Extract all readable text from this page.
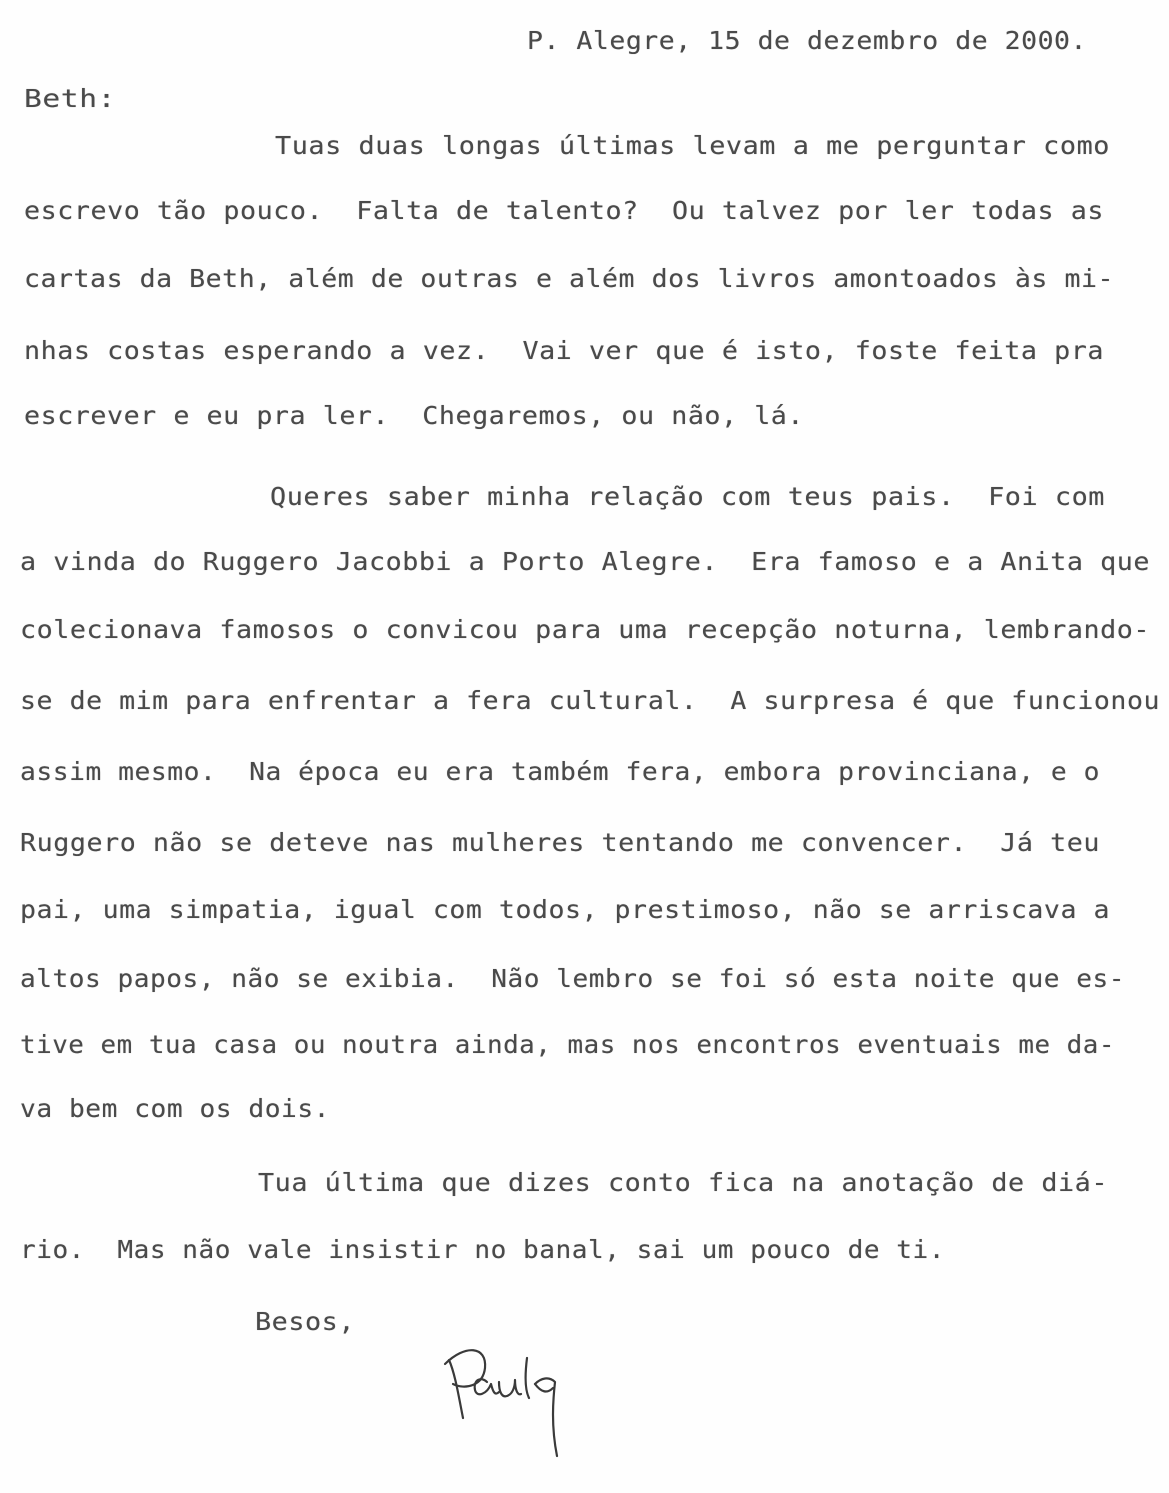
P. Alegre, 15 de dezembro de 2000.
Beth:
Tuas duas longas últimas levam a me perguntar como
escrevo tão pouco.  Falta de talento?  Ou talvez por ler todas as
cartas da Beth, além de outras e além dos livros amontoados às mi-
nhas costas esperando a vez.  Vai ver que é isto, foste feita pra
escrever e eu pra ler.  Chegaremos, ou não, lá.
Queres saber minha relação com teus pais.  Foi com
a vinda do Ruggero Jacobbi a Porto Alegre.  Era famoso e a Anita que
colecionava famosos o convicou para uma recepção noturna, lembrando-
se de mim para enfrentar a fera cultural.  A surpresa é que funcionou
assim mesmo.  Na época eu era também fera, embora provinciana, e o
Ruggero não se deteve nas mulheres tentando me convencer.  Já teu
pai, uma simpatia, igual com todos, prestimoso, não se arriscava a
altos papos, não se exibia.  Não lembro se foi só esta noite que es-
tive em tua casa ou noutra ainda, mas nos encontros eventuais me da-
va bem com os dois.
Tua última que dizes conto fica na anotação de diá-
rio.  Mas não vale insistir no banal, sai um pouco de ti.
Besos,
